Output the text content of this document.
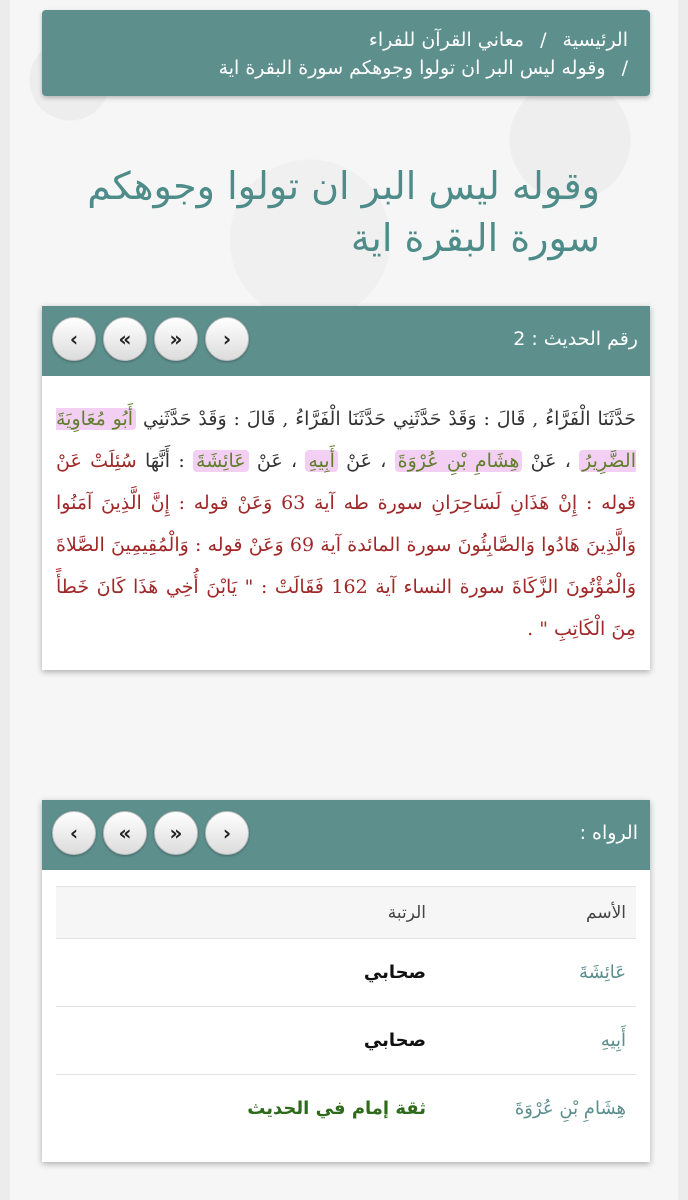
الرئيسية / معاني القرآن للفراء
/ وقوله ليس البر ان تولوا وجوهكم سورة البقرة اية
وقوله ليس البر ان تولوا وجوهكم سورة البقرة اية
رقم الحديث : 2
‹ « » ›
حَدَّثَنَا الْفَرَّاءُ , قَالَ : وَقَدْ حَدَّثَنِي حَدَّثَنَا الْفَرَّاءُ , قَالَ : وَقَدْ حَدَّثَنِي أَبُو مُعَاوِيَةَ الضَّرِيرُ ، عَنْ هِشَامِ بْنِ عُرْوَةَ ، عَنْ أَبِيهِ ، عَنْ عَائِشَةَ : أَنَّهَا سُئِلَتْ عَنْ قوله : إِنْ هَذَانِ لَسَاحِرَانِ سورة طه آية 63 وَعَنْ قوله : إِنَّ الَّذِينَ آمَنُوا وَالَّذِينَ هَادُوا وَالصَّابِئُونَ سورة المائدة آية 69 وَعَنْ قوله : وَالْمُقِيمِينَ الصَّلاةَ وَالْمُؤْتُونَ الزَّكَاةَ سورة النساء آية 162 فَقَالَتْ : " يَابْنَ أُخِي هَذَا كَانَ خَطأً مِنَ الْكَاتِبِ " .
الرواه :
‹ « » ›
الأسم
الرتبة
عَائِشَةَ
صحابي
أَبِيهِ
صحابي
هِشَامِ بْنِ عُرْوَةَ
ثقة إمام في الحديث
